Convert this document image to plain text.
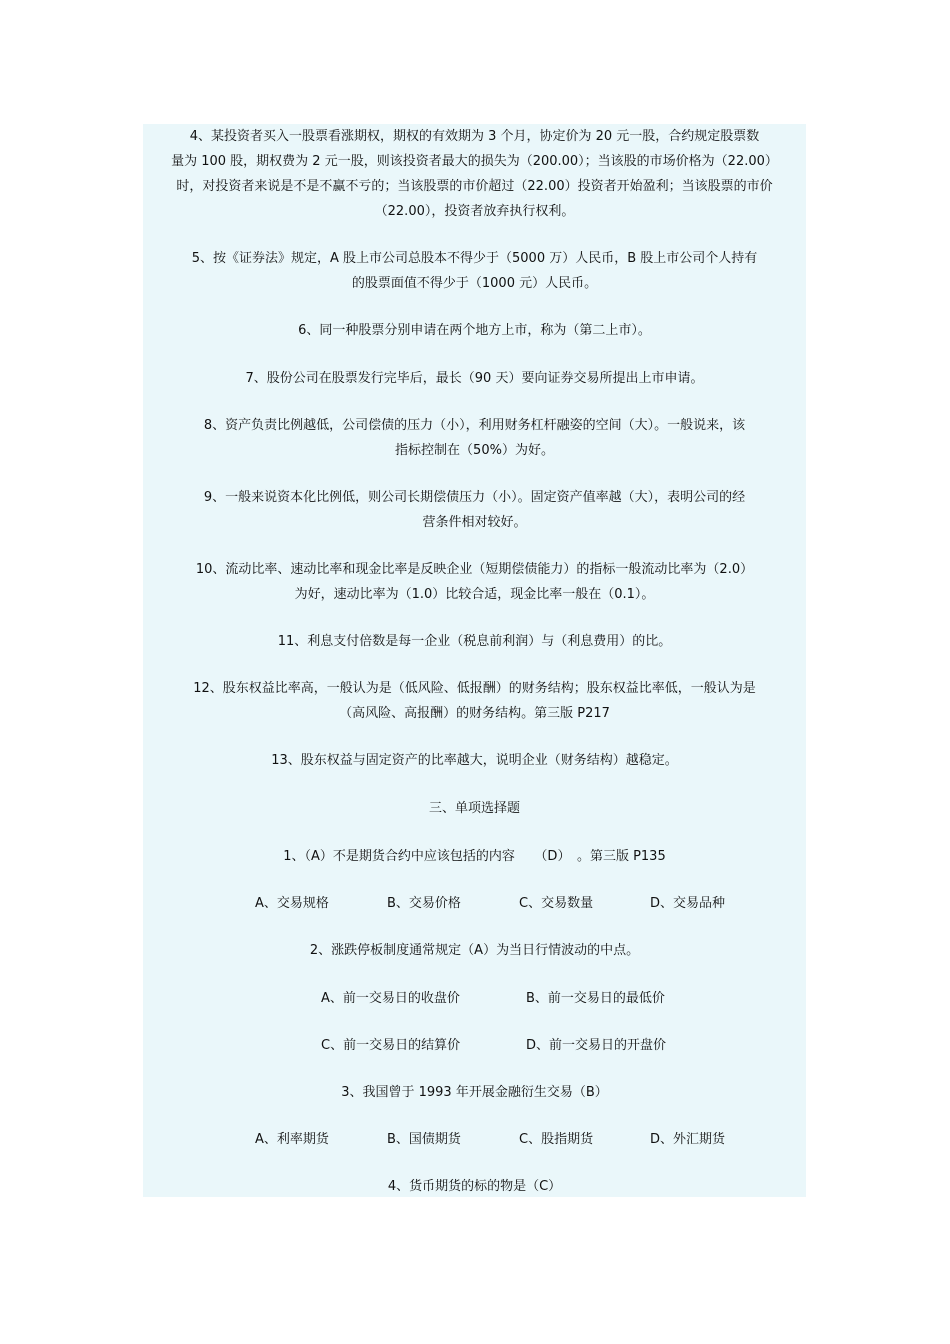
4、某投资者买入一股票看涨期权，期权的有效期为 3 个月，协定价为 20 元一股，合约规定股票数
量为 100 股，期权费为 2 元一股，则该投资者最大的损失为（200.00）；当该股的市场价格为（22.00）
时，对投资者来说是不是不赢不亏的；当该股票的市价超过（22.00）投资者开始盈利；当该股票的市价
（22.00），投资者放弃执行权利。
5、按《证券法》规定，A 股上市公司总股本不得少于（5000 万）人民币，B 股上市公司个人持有
的股票面值不得少于（1000 元）人民币。
6、同一种股票分别申请在两个地方上市，称为（第二上市）。
7、股份公司在股票发行完毕后，最长（90 天）要向证券交易所提出上市申请。
8、资产负责比例越低，公司偿债的压力（小），利用财务杠杆融姿的空间（大）。一般说来，该
指标控制在（50%）为好。
9、一般来说资本化比例低，则公司长期偿债压力（小）。固定资产值率越（大），表明公司的经
营条件相对较好。
10、流动比率、速动比率和现金比率是反映企业（短期偿债能力）的指标一般流动比率为（2.0）
为好，速动比率为（1.0）比较合适，现金比率一般在（0.1）。
11、利息支付倍数是每一企业（税息前利润）与（利息费用）的比。
12、股东权益比率高，一般认为是（低风险、低报酬）的财务结构；股东权益比率低，一般认为是
（高风险、高报酬）的财务结构。第三版 P217
13、股东权益与固定资产的比率越大，说明企业（财务结构）越稳定。
三、单项选择题
1、（A）不是期货合约中应该包括的内容　　（D）　。第三版 P135
A、交易规格	B、交易价格	C、交易数量	D、交易品种
2、涨跌停板制度通常规定（A）为当日行情波动的中点。
A、前一交易日的收盘价	B、前一交易日的最低价
C、前一交易日的结算价	D、前一交易日的开盘价
3、我国曾于 1993 年开展金融衍生交易（B）
A、利率期货	B、国债期货	C、股指期货	D、外汇期货
4、货币期货的标的物是（C）
